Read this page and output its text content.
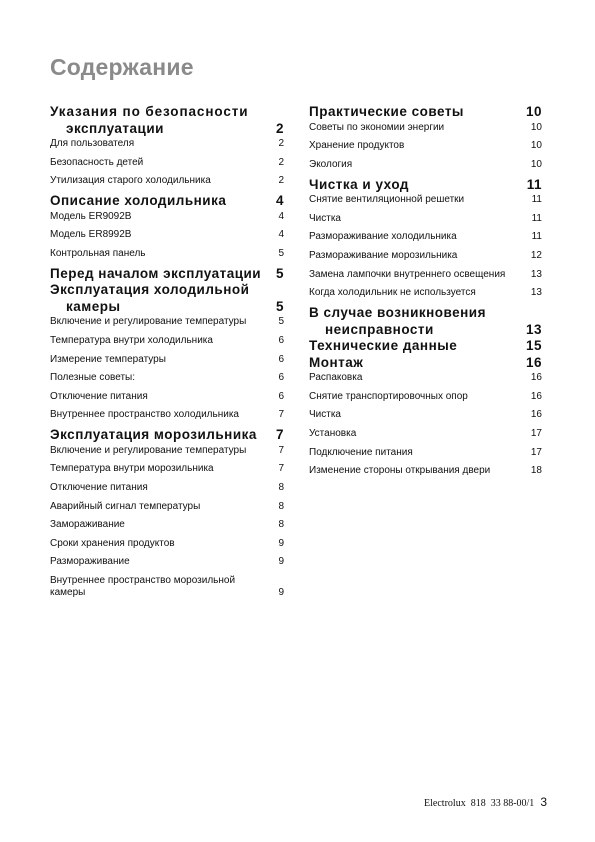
Содержание
Указания по безопасности
эксплуатации	2
Для пользователя	2
Безопасность детей	2
Утилизация старого холодильника	2
Описание холодильника	4
Модель ER9092B	4
Модель ER8992B	4
Контрольная панель	5
Перед началом эксплуатации 5
Эксплуатация холодильной
камеры	5
Включение и регулирование температуры	5
Температура внутри холодильника	6
Измерение температуры	6
Полезные советы:	6
Отключение питания	6
Внутреннее пространство холодильника	7
Эксплуатация морозильника 7
Включение и регулирование температуры	7
Температура внутри морозильника	7
Отключение питания	8
Аварийный сигнал температуры	8
Замораживание	8
Сроки хранения продуктов	9
Размораживание	9
Внутреннее пространство морозильной камеры	9
Практические советы	10
Советы по экономии энергии	10
Хранение продуктов	10
Экология	10
Чистка и уход	11
Снятие вентиляционной решетки	11
Чистка	11
Размораживание холодильника	11
Размораживание морозильника	12
Замена лампочки внутреннего освещения	13
Когда холодильник не используется	13
В случае возникновения
неисправности	13
Технические данные	15
Монтаж	16
Распаковка	16
Снятие транспортировочных опор	16
Чистка	16
Установка	17
Подключение питания	17
Изменение стороны открывания двери	18
Electrolux  818  33 88-00/1 3
